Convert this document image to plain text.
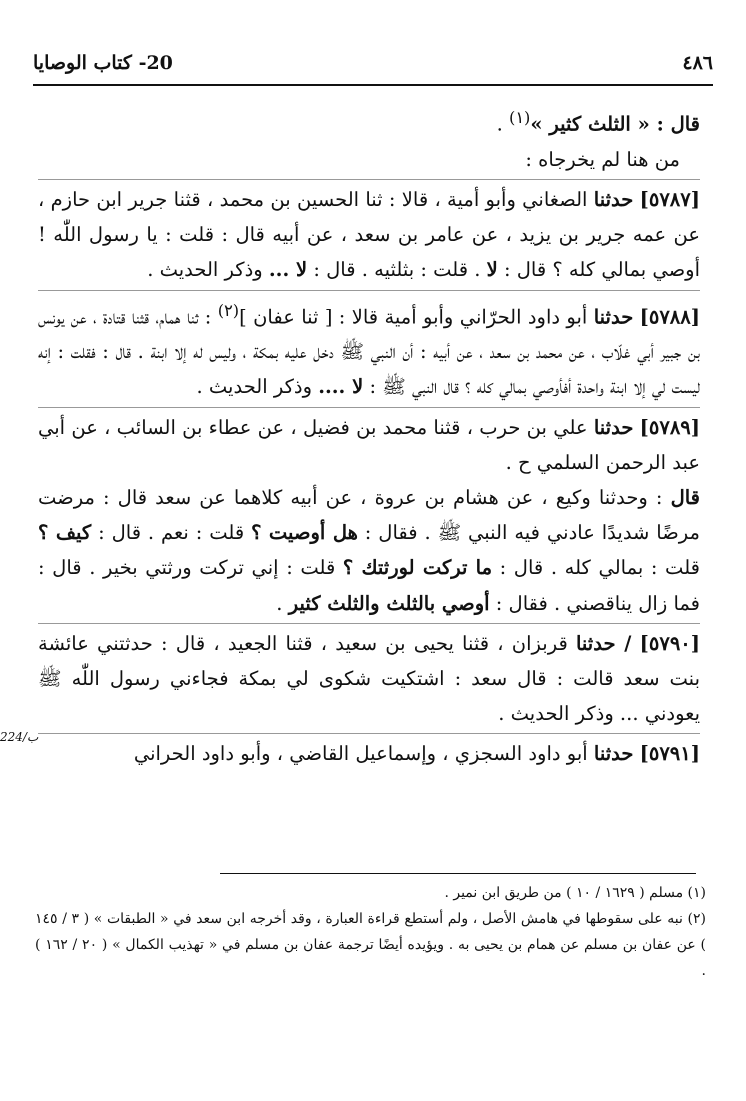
٤٨٦
20- كتاب الوصايا
224/ب

قال : « الثلث كثير »$^{(١)}$ .

من هنا لم يخرجاه :

[٥٧٨٧] حدثنا الصغاني وأبو أمية ، قالا : ثنا الحسين بن محمد ، قثنا جرير ابن حازم ، عن عمه جرير بن يزيد ، عن عامر بن سعد ، عن أبيه قال : قلت : يا رسول اللّٰه ! أوصي بمالي كله ؟ قال : لا . قلت : بثلثيه . قال : لا ... وذكر الحديث .

[٥٧٨٨] حدثنا أبو داود الحرّاني وأبو أمية قالا : [ ثنا عفان ]$^{(٢)}$ : ثنا همام، قثنا قتادة ، عن يونس بن جبير أبي غلّاب ، عن محمد بن سعد ، عن أبيه : أن النبي ﷺ دخل عليه بمكة ، وليس له إلا ابنة . قال : فقلت : إنه ليست لي إلا ابنة واحدة أفأوصي بمالي كله ؟ قال النبي ﷺ : لا .... وذكر الحديث .

[٥٧٨٩] حدثنا علي بن حرب ، قثنا محمد بن فضيل ، عن عطاء بن السائب ، عن أبي عبد الرحمن السلمي ح .

قال : وحدثنا وكيع ، عن هشام بن عروة ، عن أبيه كلاهما عن سعد قال : مرضت مرضًا شديدًا عادني فيه النبي ﷺ . فقال : هل أوصيت ؟ قلت : نعم . قال : كيف ؟ قلت : بمالي كله . قال : ما تركت لورثتك ؟ قلت : إني تركت ورثتي بخير . قال : فما زال يناقصني . فقال : أوصي بالثلث والثلث كثير .

[٥٧٩٠] / حدثنا قربزان ، قثنا يحيى بن سعيد ، قثنا الجعيد ، قال : حدثتني عائشة بنت سعد قالت : قال سعد : اشتكيت شكوى لي بمكة فجاءني رسول اللّٰه ﷺ يعودني ... وذكر الحديث .

[٥٧٩١] حدثنا أبو داود السجزي ، وإسماعيل القاضي ، وأبو داود الحراني

(١) مسلم ( ١٦٢٩ / ١٠ ) من طريق ابن نمير .

(٢) نبه على سقوطها في هامش الأصل ، ولم أستطع قراءة العبارة ، وقد أخرجه ابن سعد في « الطبقات » ( ٣ / ١٤٥ ) عن عفان بن مسلم عن همام بن يحيى به . ويؤيده أيضًا ترجمة عفان بن مسلم في « تهذيب الكمال » ( ٢٠ / ١٦٢ ) .
